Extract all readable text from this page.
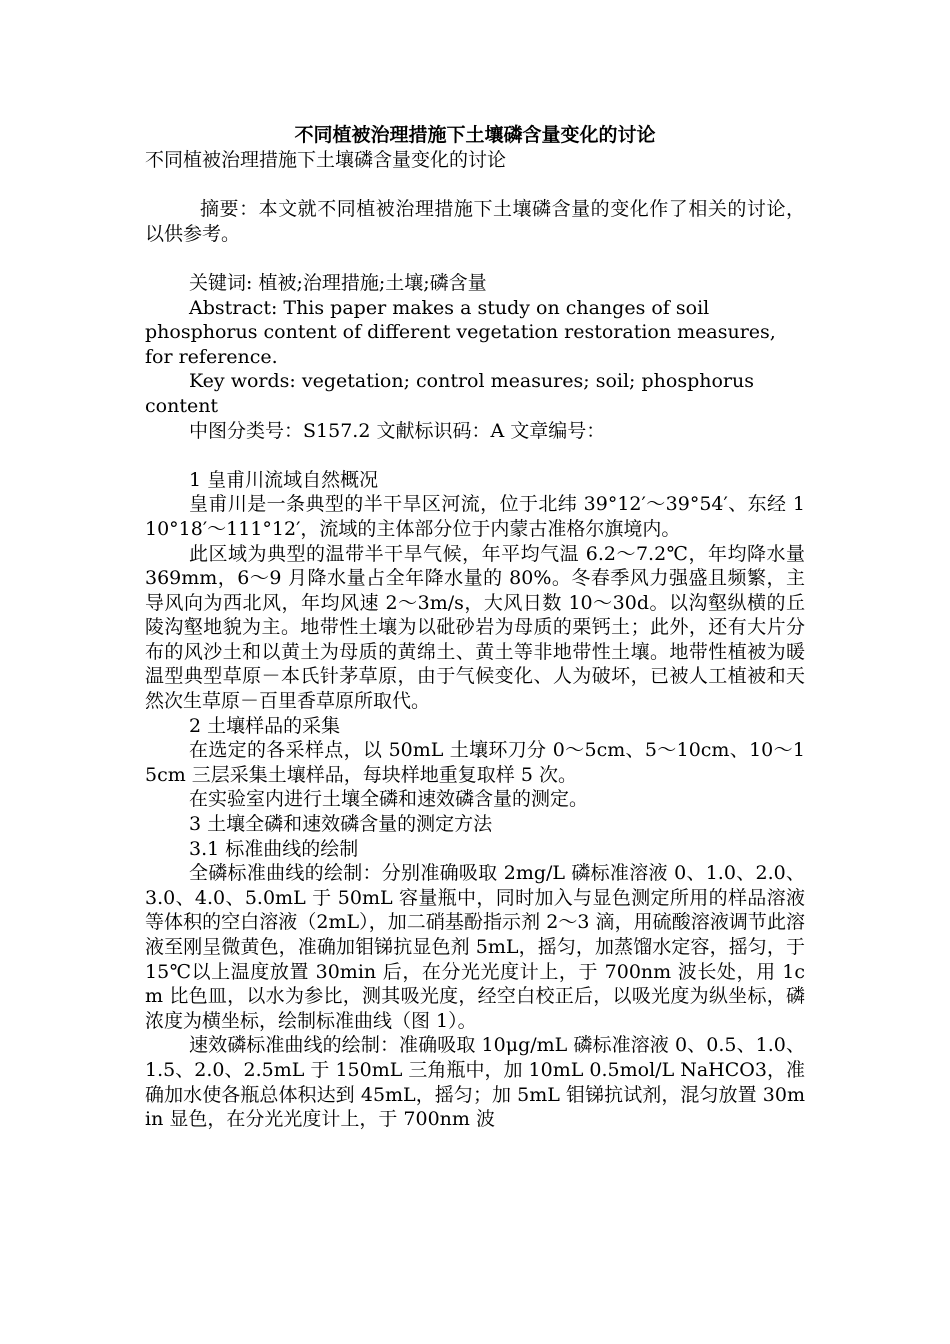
不同植被治理措施下土壤磷含量变化的讨论

不同植被治理措施下土壤磷含量变化的讨论

摘要：本文就不同植被治理措施下土壤磷含量的变化作了相关的讨论，以供参考。

关键词: 植被;治理措施;土壤;磷含量

Abstract: This paper makes a study on changes of soil phosphorus content of different vegetation restoration measures, for reference.

Key words: vegetation; control measures; soil; phosphorus content

中图分类号：S157.2 文献标识码：A 文章编号：

1 皇甫川流域自然概况

皇甫川是一条典型的半干旱区河流，位于北纬 39°12′～39°54′、东经 110°18′～111°12′，流域的主体部分位于内蒙古准格尔旗境内。

此区域为典型的温带半干旱气候，年平均气温 6.2～7.2℃，年均降水量 369mm，6～9 月降水量占全年降水量的 80%。冬春季风力强盛且频繁，主导风向为西北风，年均风速 2～3m/s，大风日数 10～30d。以沟壑纵横的丘陵沟壑地貌为主。地带性土壤为以砒砂岩为母质的栗钙土；此外，还有大片分布的风沙土和以黄土为母质的黄绵土、黄土等非地带性土壤。地带性植被为暖温型典型草原－本氏针茅草原，由于气候变化、人为破坏，已被人工植被和天然次生草原－百里香草原所取代。

2 土壤样品的采集

在选定的各采样点，以 50mL 土壤环刀分 0～5cm、5～10cm、10～15cm 三层采集土壤样品，每块样地重复取样 5 次。

在实验室内进行土壤全磷和速效磷含量的测定。

3 土壤全磷和速效磷含量的测定方法

3.1 标准曲线的绘制

全磷标准曲线的绘制：分别准确吸取 2mg/L 磷标准溶液 0、1.0、2.0、3.0、4.0、5.0mL 于 50mL 容量瓶中，同时加入与显色测定所用的样品溶液等体积的空白溶液（2mL），加二硝基酚指示剂 2～3 滴，用硫酸溶液调节此溶液至刚呈微黄色，准确加钼锑抗显色剂 5mL，摇匀，加蒸馏水定容，摇匀，于 15℃以上温度放置 30min 后，在分光光度计上，于 700nm 波长处，用 1cm 比色皿，以水为参比，测其吸光度，经空白校正后，以吸光度为纵坐标，磷浓度为横坐标，绘制标准曲线（图 1）。

速效磷标准曲线的绘制：准确吸取 10μg/mL 磷标准溶液 0、0.5、1.0、1.5、2.0、2.5mL 于 150mL 三角瓶中，加 10mL 0.5mol/L NaHCO3，准确加水使各瓶总体积达到 45mL，摇匀；加 5mL 钼锑抗试剂，混匀放置 30min 显色，在分光光度计上，于 700nm 波
